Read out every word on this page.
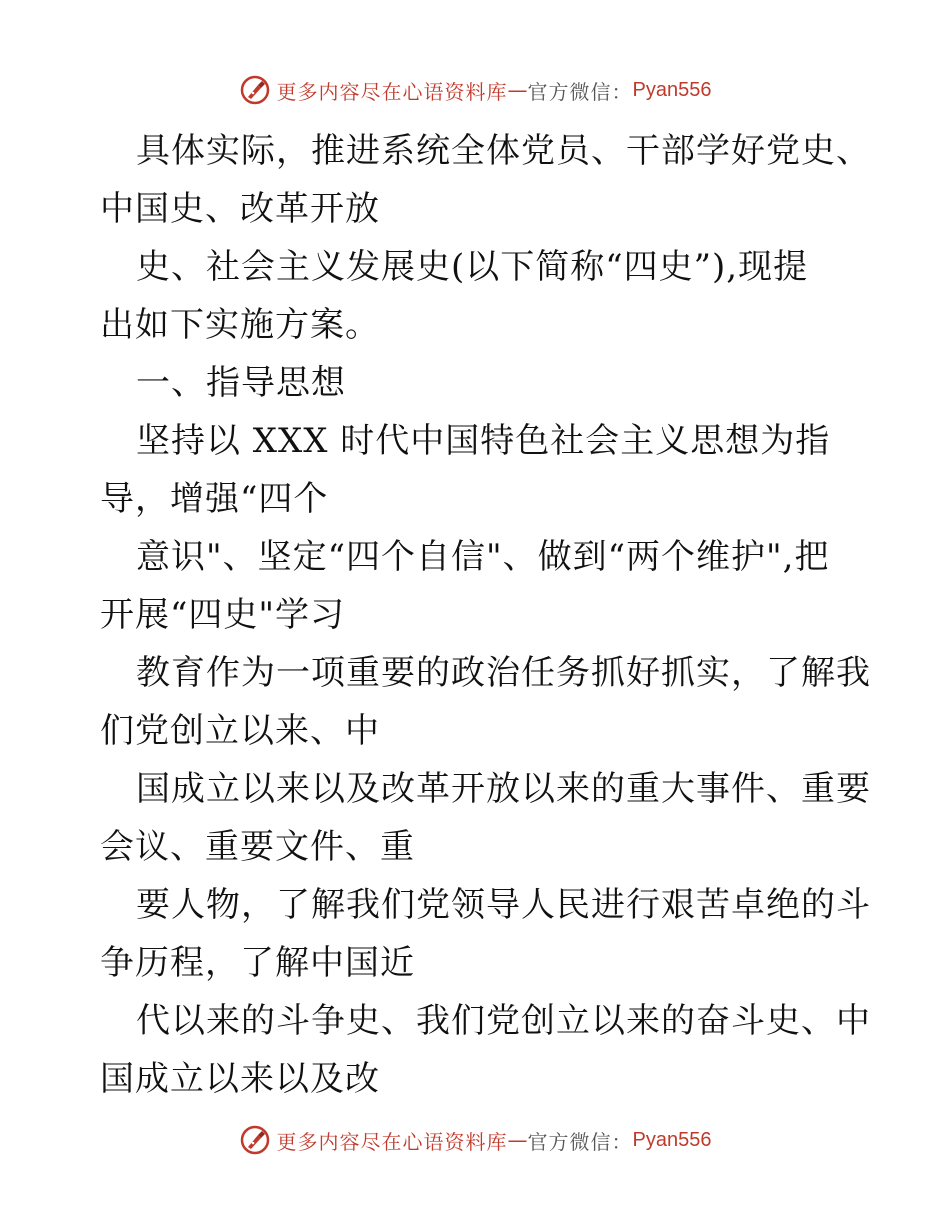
更多内容尽在心语资料库 — 官方微信： Pyan556
具体实际，推进系统全体党员、干部学好党史、
中国史、改革开放
史、社会主义发展史(以下简称“四史”),现提
出如下实施方案。
一、指导思想
坚持以 XXX 时代中国特色社会主义思想为指
导，增强“四个
意识"、坚定“四个自信"、做到“两个维护",把
开展“四史"学习
教育作为一项重要的政治任务抓好抓实，了解我
们党创立以来、中
国成立以来以及改革开放以来的重大事件、重要
会议、重要文件、重
要人物，了解我们党领导人民进行艰苦卓绝的斗
争历程，了解中国近
代以来的斗争史、我们党创立以来的奋斗史、中
国成立以来以及改
更多内容尽在心语资料库 — 官方微信： Pyan556
